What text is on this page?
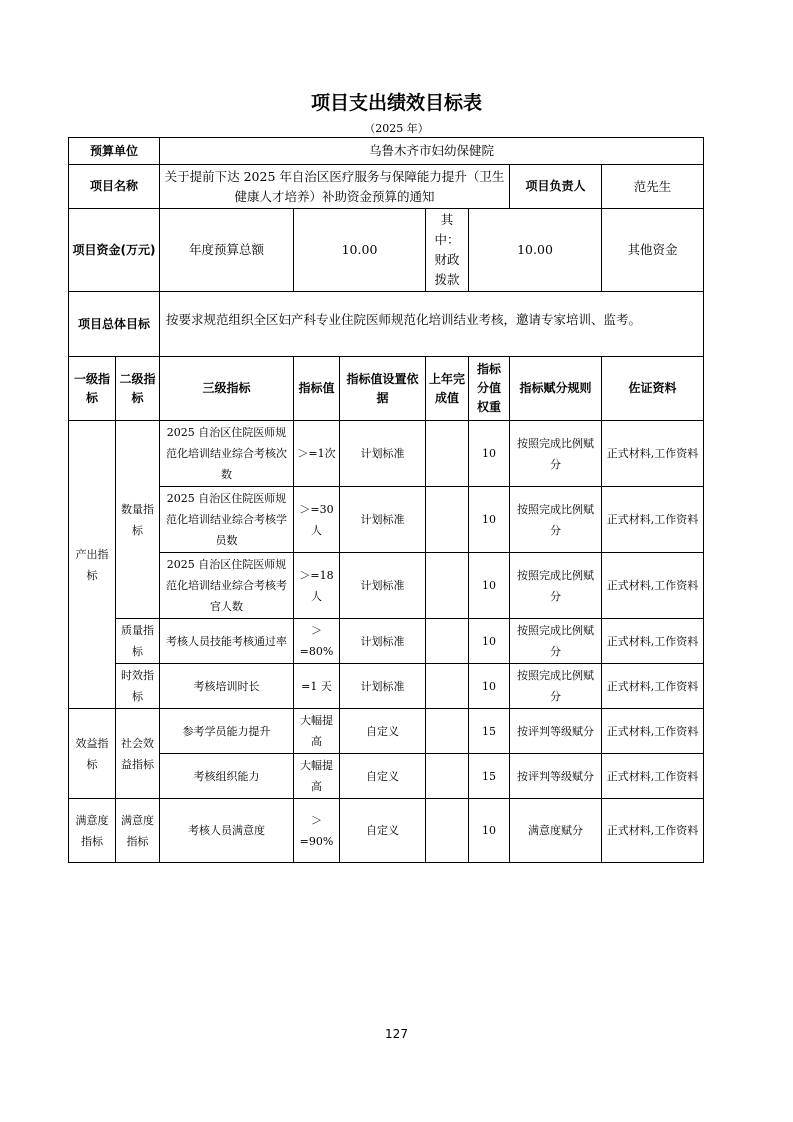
项目支出绩效目标表
（2025 年）
预算单位		乌鲁木齐市妇幼保健院							
项目名称		关于提前下达 2025 年自治区医疗服务与保障能力提升（卫生健康人才培养）补助资金预算的通知					项目负责人	范先生	
项目资金(万元)		年度预算总额	10.00		其中：财政拨款	10.00		其他资金	
项目总体目标		按要求规范组织全区妇产科专业住院医师规范化培训结业考核，邀请专家培训、监考。							
一级指标	二级指标	三级指标	指标值	指标值设置依据	上年完成值	指标分值权重	指标赋分规则	佐证资料	
产出指标	数量指标	2025 自治区住院医师规范化培训结业综合考核次数	＞=1次	计划标准		10	按照完成比例赋分	正式材料,工作资料	
		2025 自治区住院医师规范化培训结业综合考核学员数	＞=30人	计划标准		10	按照完成比例赋分	正式材料,工作资料	
		2025 自治区住院医师规范化培训结业综合考核考官人数	＞=18人	计划标准		10	按照完成比例赋分	正式材料,工作资料	
	质量指标	考核人员技能考核通过率	＞=80%	计划标准		10	按照完成比例赋分	正式材料,工作资料	
	时效指标	考核培训时长	=1 天	计划标准		10	按照完成比例赋分	正式材料,工作资料	
效益指标	社会效益指标	参考学员能力提升	大幅提高	自定义		15	按评判等级赋分	正式材料,工作资料	
		考核组织能力	大幅提高	自定义		15	按评判等级赋分	正式材料,工作资料	
满意度指标	满意度指标	考核人员满意度	＞=90%	自定义		10	满意度赋分	正式材料,工作资料	
127
